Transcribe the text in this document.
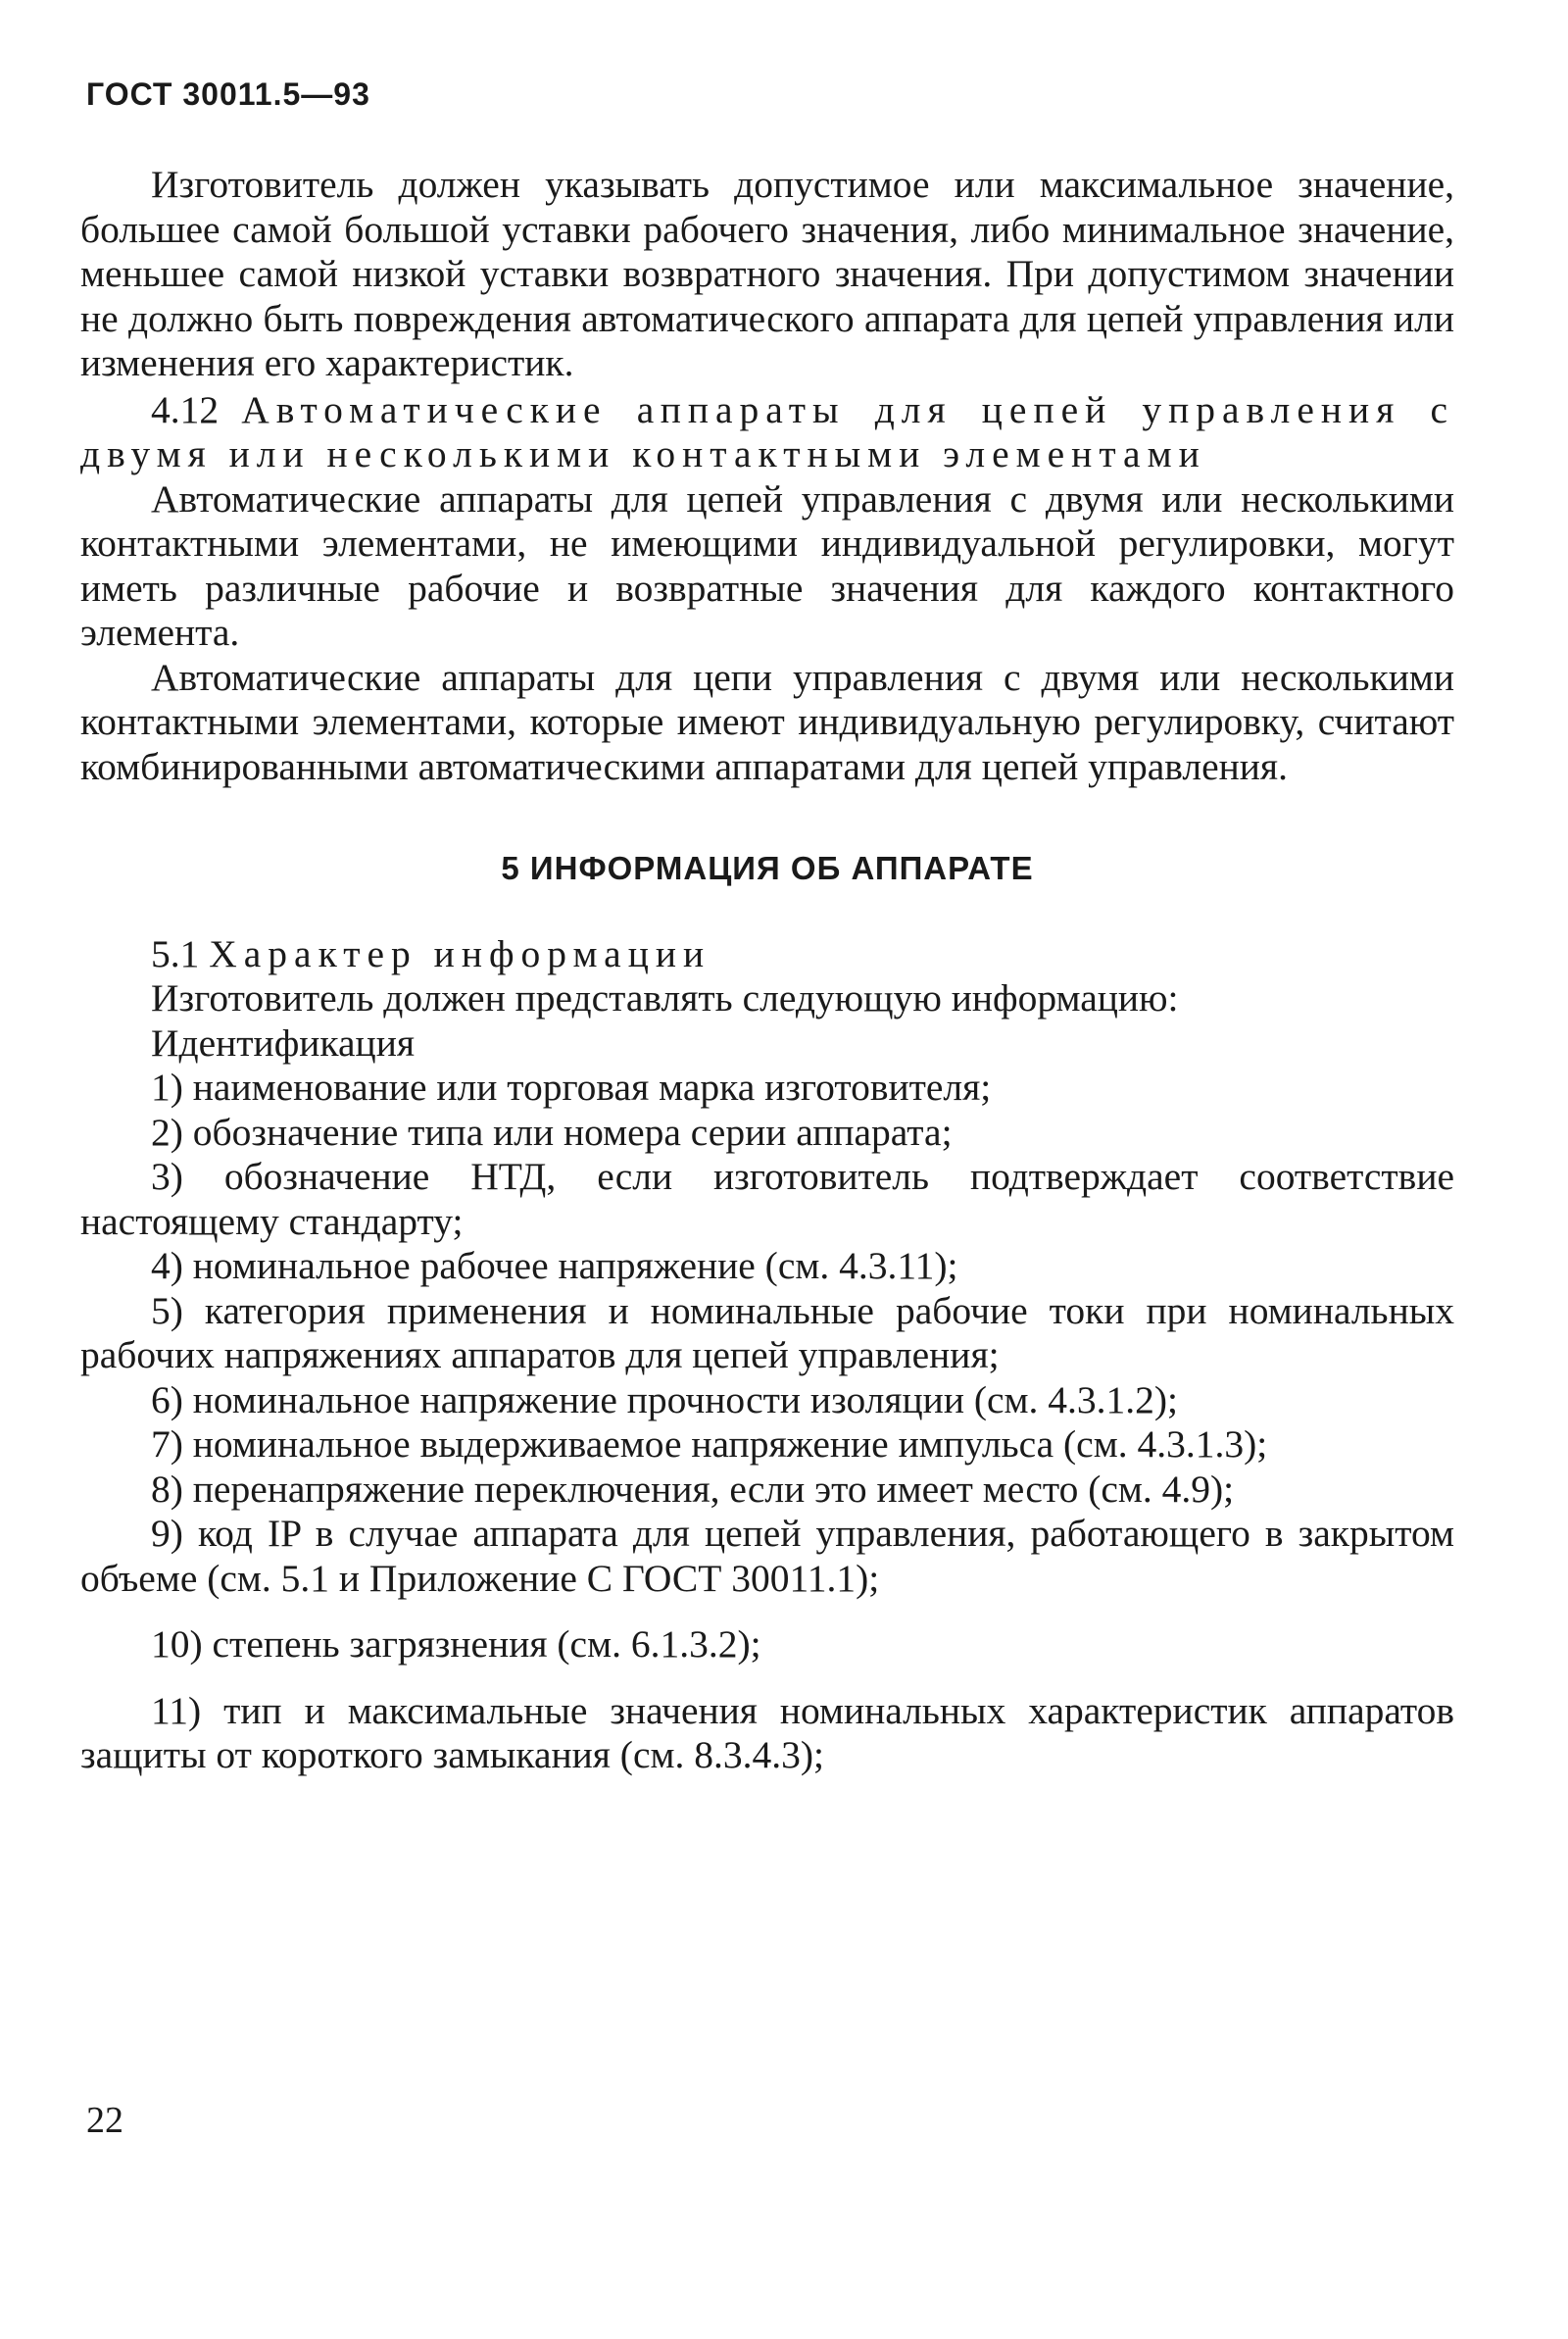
ГОСТ 30011.5—93

Изготовитель должен указывать допустимое или максимальное значение, большее самой большой уставки рабочего значения, либо минимальное значение, меньшее самой низкой уставки возвратного значения. При допустимом значении не должно быть повреждения автоматического аппарата для цепей управления или изменения его характеристик.

4.12 Автоматические аппараты для цепей управления с двумя или несколькими контактными элементами

Автоматические аппараты для цепей управления с двумя или несколькими контактными элементами, не имеющими индивидуальной регулировки, могут иметь различные рабочие и возвратные значения для каждого контактного элемента.

Автоматические аппараты для цепи управления с двумя или несколькими контактными элементами, которые имеют индивидуальную регулировку, считают комбинированными автоматическими аппаратами для цепей управления.

5 ИНФОРМАЦИЯ ОБ АППАРАТЕ

5.1 Характер информации

Изготовитель должен представлять следующую информацию:

Идентификация

1) наименование или торговая марка изготовителя;

2) обозначение типа или номера серии аппарата;

3) обозначение НТД, если изготовитель подтверждает соответствие настоящему стандарту;

4) номинальное рабочее напряжение (см. 4.3.11);

5) категория применения и номинальные рабочие токи при номинальных рабочих напряжениях аппаратов для цепей управления;

6) номинальное напряжение прочности изоляции (см. 4.3.1.2);

7) номинальное выдерживаемое напряжение импульса (см. 4.3.1.3);

8) перенапряжение переключения, если это имеет место (см. 4.9);

9) код IP в случае аппарата для цепей управления, работающего в закрытом объеме (см. 5.1 и Приложение С ГОСТ 30011.1);

10) степень загрязнения (см. 6.1.3.2);

11) тип и максимальные значения номинальных характеристик аппаратов защиты от короткого замыкания (см. 8.3.4.3);

22
